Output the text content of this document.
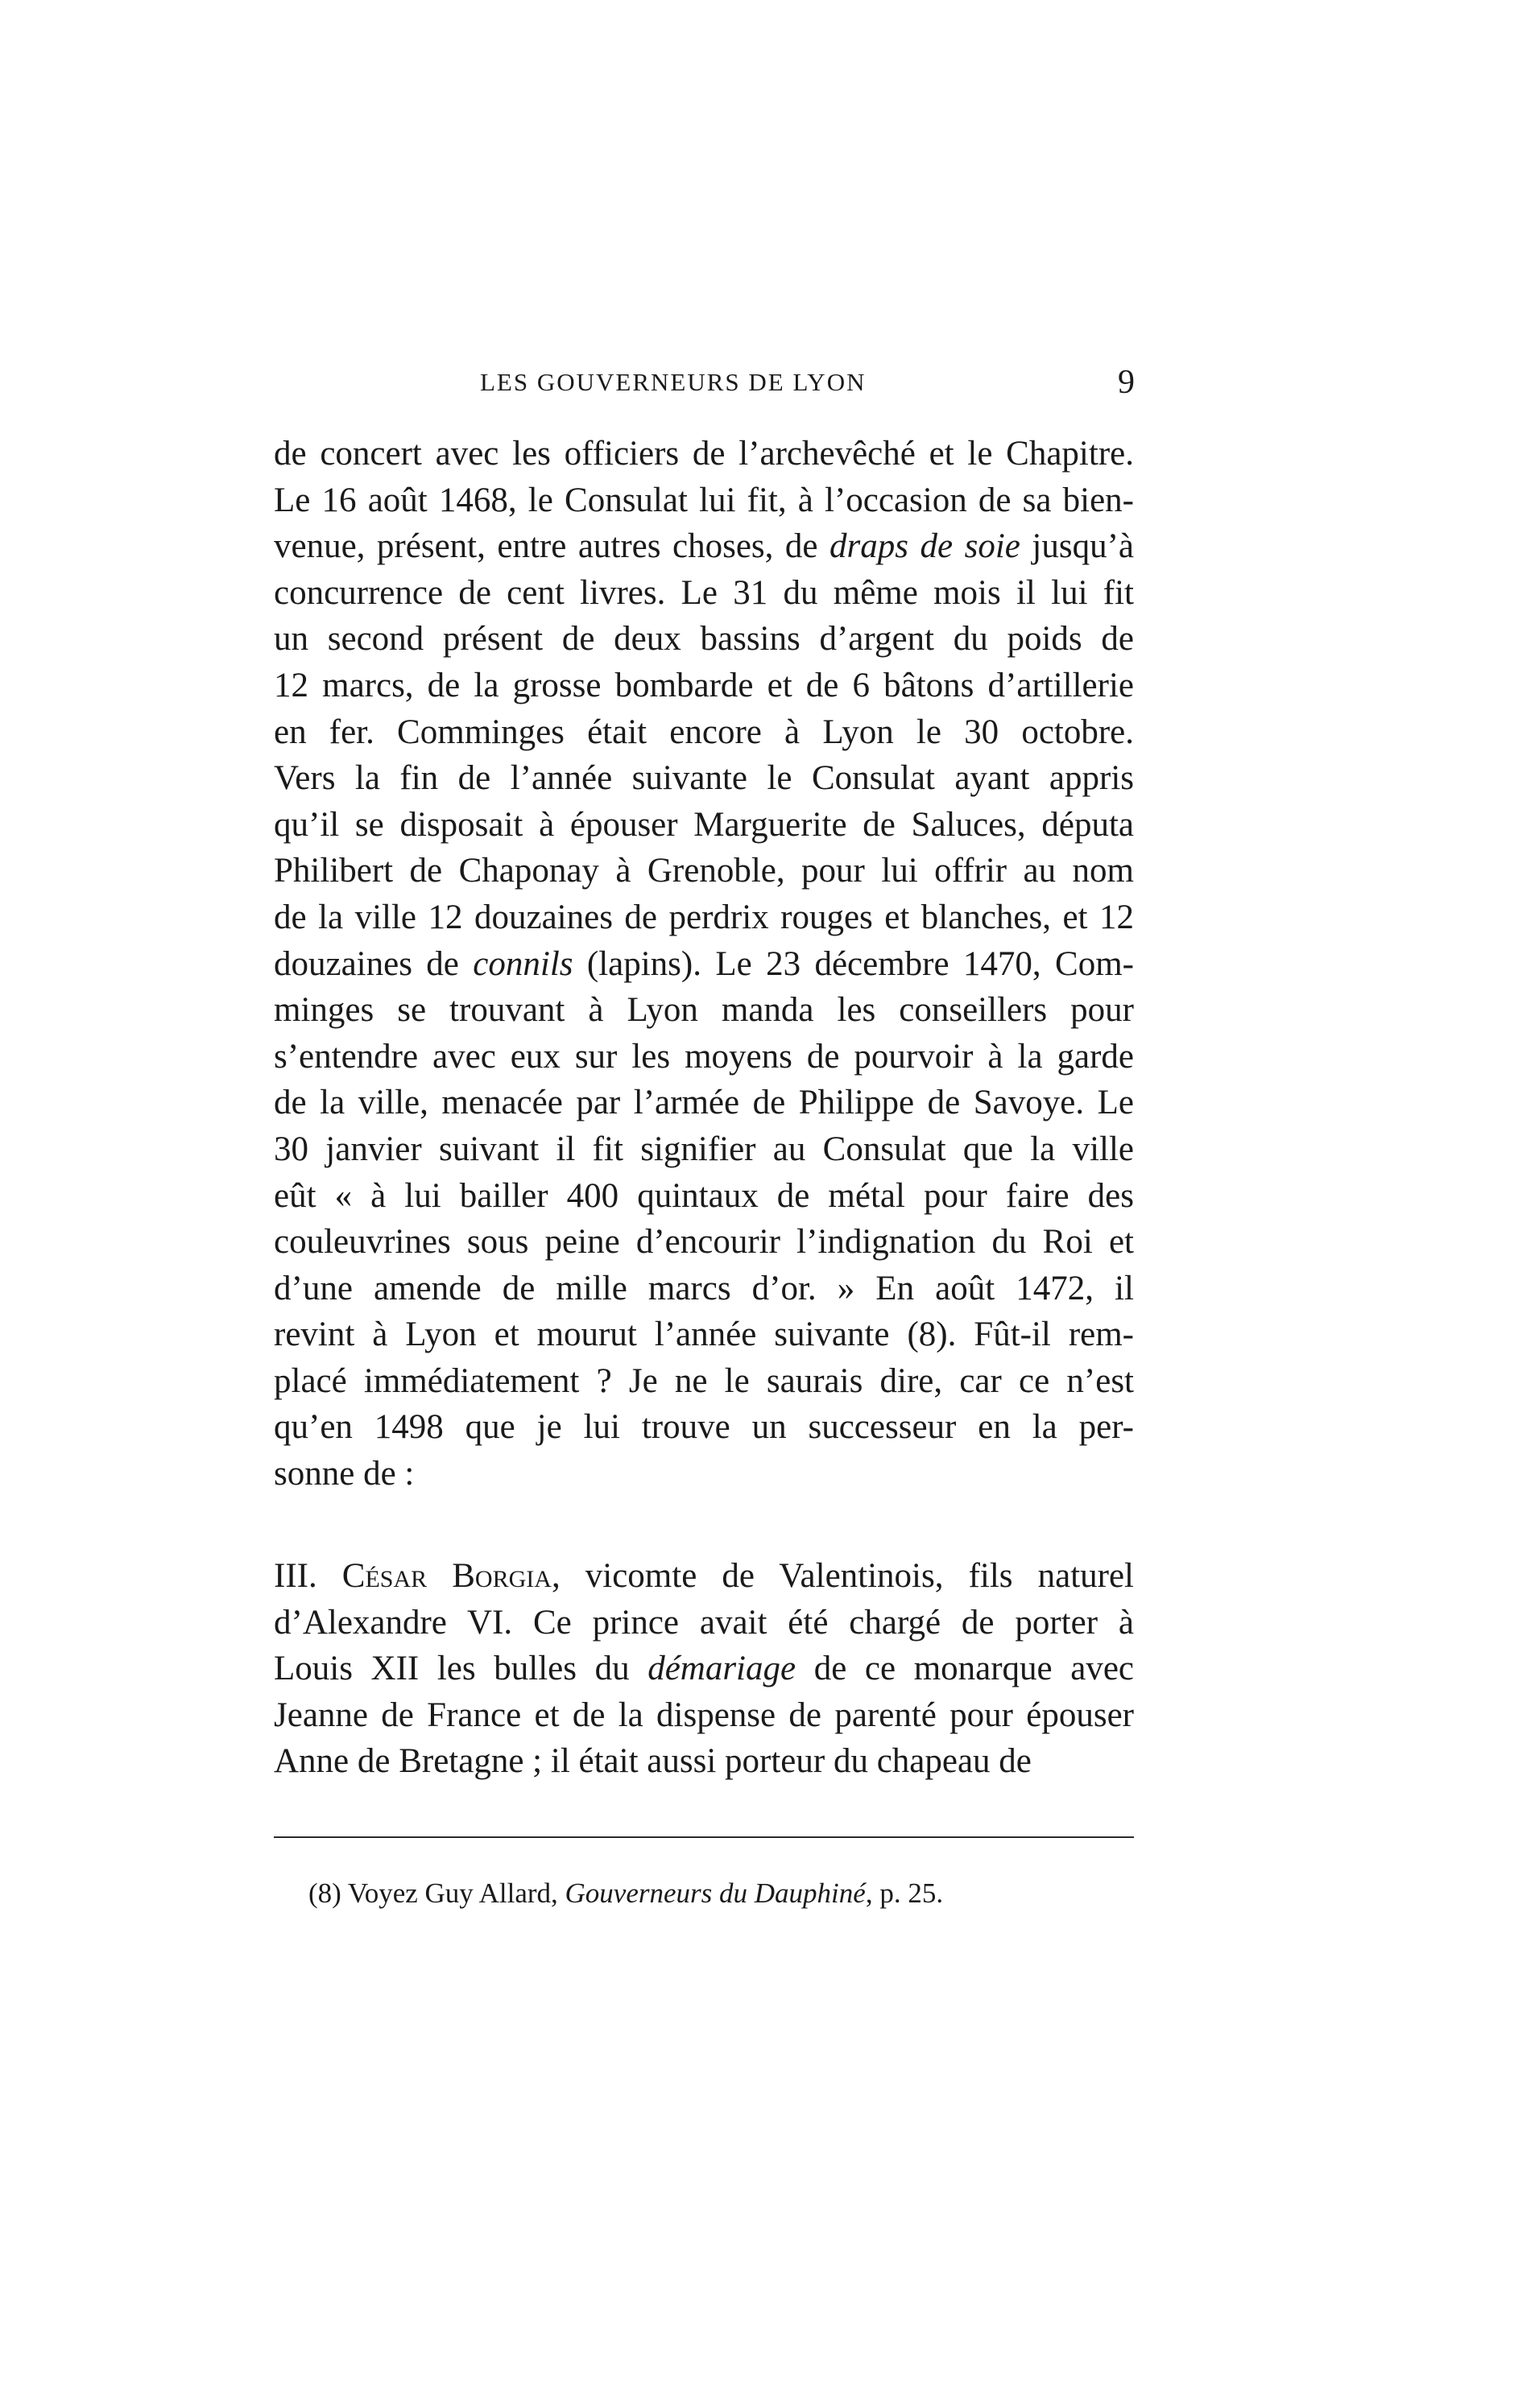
LES GOUVERNEURS DE LYON	9
de concert avec les officiers de l’archevêché et le Chapitre.
Le 16 août 1468, le Consulat lui fit, à l’occasion de sa bien-
venue, présent, entre autres choses, de draps de soie jusqu’à
concurrence de cent livres. Le 31 du même mois il lui fit
un second présent de deux bassins d’argent du poids de
12 marcs, de la grosse bombarde et de 6 bâtons d’artillerie
en fer. Comminges était encore à Lyon le 30 octobre.
Vers la fin de l’année suivante le Consulat ayant appris
qu’il se disposait à épouser Marguerite de Saluces, députa
Philibert de Chaponay à Grenoble, pour lui offrir au nom
de la ville 12 douzaines de perdrix rouges et blanches, et 12
douzaines de connils (lapins). Le 23 décembre 1470, Com-
minges se trouvant à Lyon manda les conseillers pour
s’entendre avec eux sur les moyens de pourvoir à la garde
de la ville, menacée par l’armée de Philippe de Savoye. Le
30 janvier suivant il fit signifier au Consulat que la ville
eût « à lui bailler 400 quintaux de métal pour faire des
couleuvrines sous peine d’encourir l’indignation du Roi et
d’une amende de mille marcs d’or. » En août 1472, il
revint à Lyon et mourut l’année suivante (8). Fût-il rem-
placé immédiatement ? Je ne le saurais dire, car ce n’est
qu’en 1498 que je lui trouve un successeur en la per-
sonne de :
III. César Borgia, vicomte de Valentinois, fils naturel
d’Alexandre VI. Ce prince avait été chargé de porter à
Louis XII les bulles du démariage de ce monarque avec
Jeanne de France et de la dispense de parenté pour épouser
Anne de Bretagne ; il était aussi porteur du chapeau de
(8) Voyez Guy Allard, Gouverneurs du Dauphiné, p. 25.
